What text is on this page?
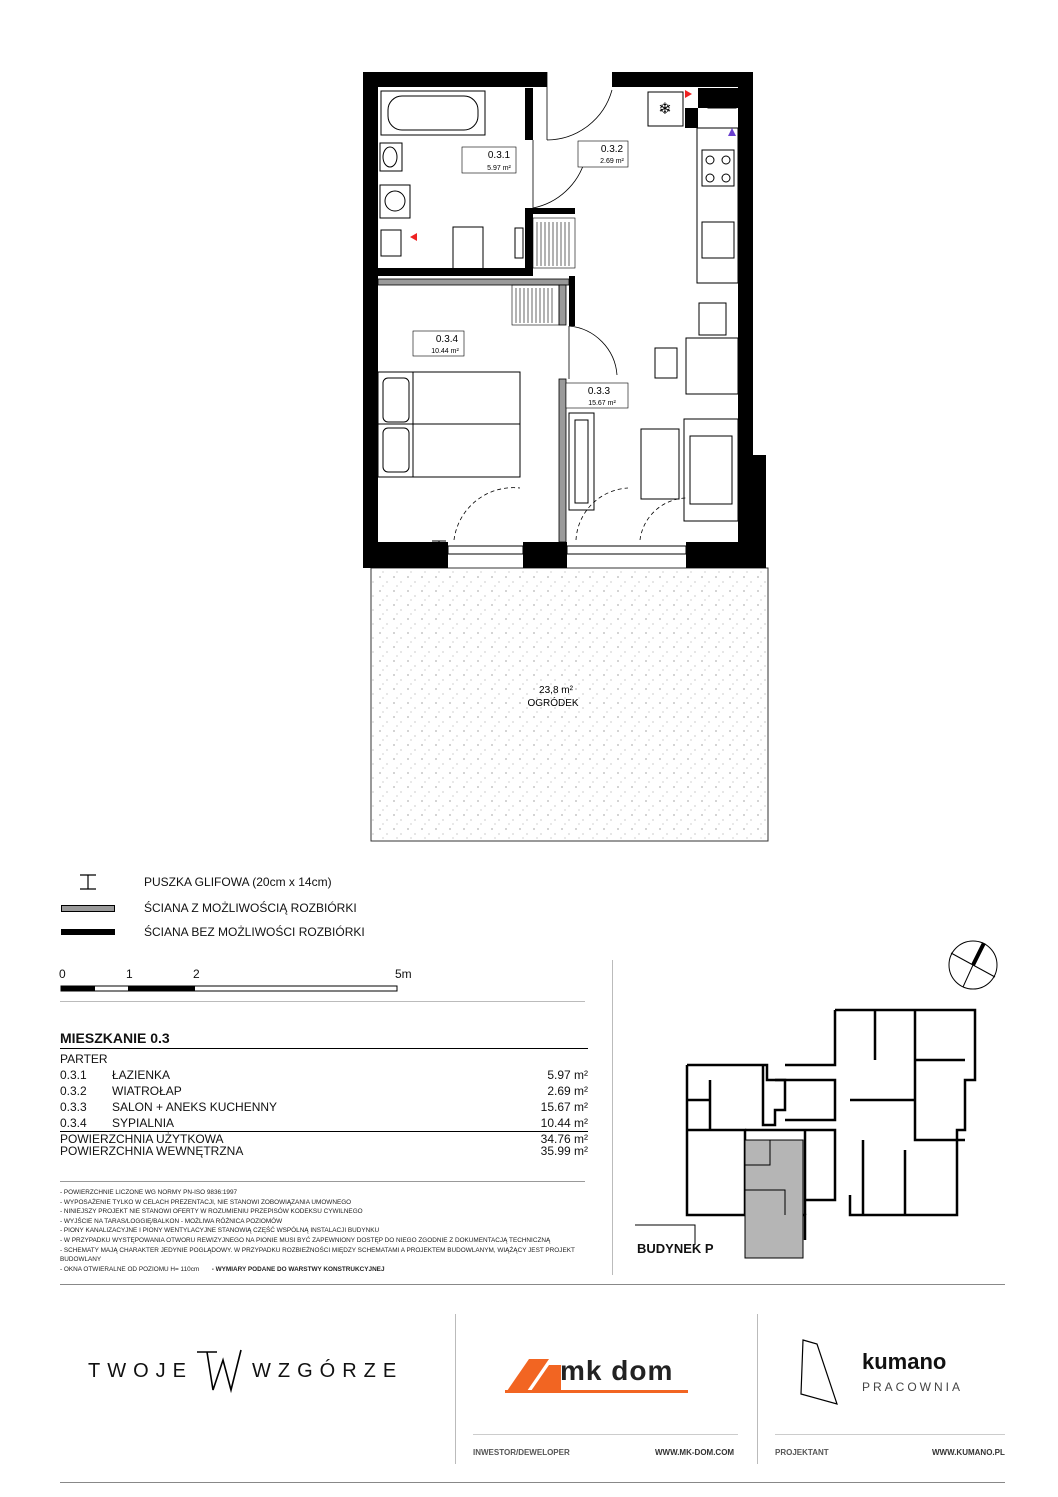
❄
0.3.1
5.97 m²
0.3.2
2.69 m²
0.3.4
10.44 m²
0.3.3
15.67 m²
23,8 m²
OGRÓDEK
PUSZKA GLIFOWA (20cm x 14cm)
ŚCIANA Z MOŻLIWOŚCIĄ ROZBIÓRKI
ŚCIANA BEZ MOŻLIWOŚCI ROZBIÓRKI
0	1	2	5m
MIESZKANIE 0.3
PARTER
0.3.1	ŁAZIENKA	5.97 m²
0.3.2	WIATROŁAP	2.69 m²
0.3.3	SALON + ANEKS KUCHENNY	15.67 m²
0.3.4	SYPIALNIA	10.44 m²
POWIERZCHNIA UŻYTKOWA	34.76 m²
POWIERZCHNIA WEWNĘTRZNA	35.99 m²
- POWIERZCHNIE LICZONE WG NORMY PN-ISO 9836:1997
- WYPOSAŻENIE TYLKO W CELACH PREZENTACJI, NIE STANOWI ZOBOWIĄZANIA UMOWNEGO
- NINIEJSZY PROJEKT NIE STANOWI OFERTY W ROZUMIENIU PRZEPISÓW KODEKSU CYWILNEGO
- WYJŚCIE NA TARAS/LOGGIĘ/BALKON - MOŻLIWA RÓŻNICA POZIOMÓW
- PIONY KANALIZACYJNE I PIONY WENTYLACYJNE STANOWIĄ CZĘŚĆ WSPÓLNĄ INSTALACJI BUDYNKU
- W PRZYPADKU WYSTĘPOWANIA OTWORU REWIZYJNEGO NA PIONIE MUSI BYĆ ZAPEWNIONY DOSTĘP DO NIEGO ZGODNIE Z DOKUMENTACJĄ TECHNICZNĄ
- SCHEMATY MAJĄ CHARAKTER JEDYNIE POGLĄDOWY. W PRZYPADKU ROZBIEŻNOŚCI MIĘDZY SCHEMATAMI A PROJEKTEM BUDOWLANYM, WIĄŻĄCY JEST PROJEKT BUDOWLANY
- OKNA OTWIERALNE OD POZIOMU H= 110cm - WYMIARY PODANE DO WARSTWY KONSTRUKCYJNEJ
BUDYNEK P
TWOJE	WZGÓRZE	mk dom	kumano
PRACOWNIA
INWESTOR/DEWELOPER	WWW.MK-DOM.COM	PROJEKTANT	WWW.KUMANO.PL
